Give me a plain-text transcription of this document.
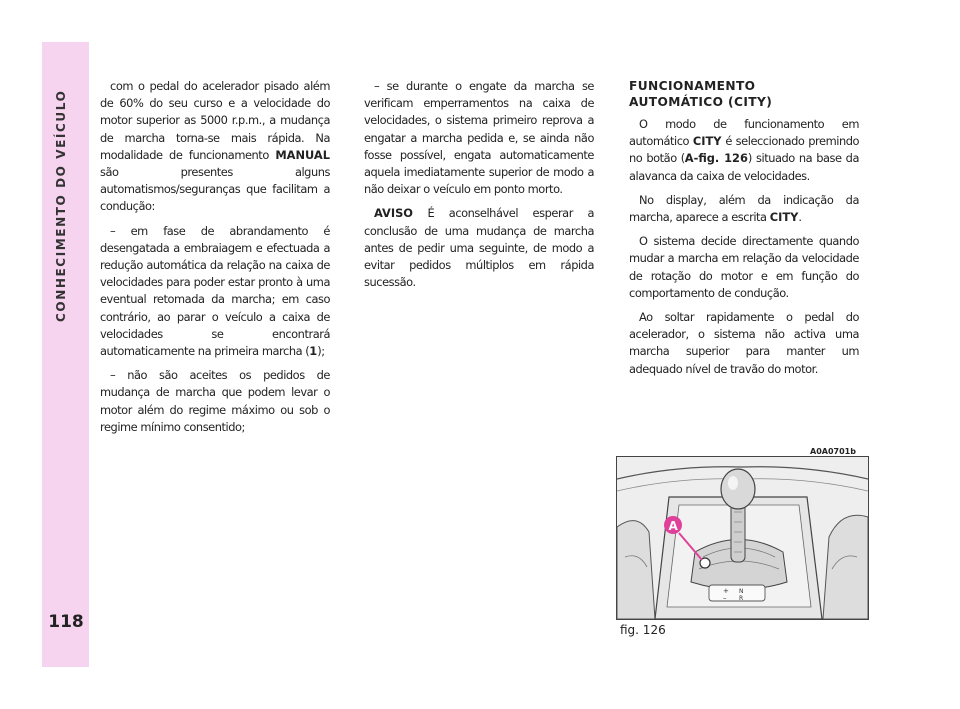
CONHECIMENTO DO VEÍCULO
118

com o pedal do acelerador pisado além de 60% do seu curso e a velocidade do motor superior as 5000 r.p.m., a mudança de marcha torna-se mais rápida. Na modalidade de funcionamento MANUAL são presentes alguns automatismos/seguranças que facilitam a condução:

– em fase de abrandamento é desengatada a embraiagem e efectuada a redução automática da relação na caixa de velocidades para poder estar pronto à uma eventual retomada da marcha; em caso contrário, ao parar o veículo a caixa de velocidades se encontrará automaticamente na primeira marcha (1);

– não são aceites os pedidos de mudança de marcha que podem levar o motor além do regime máximo ou sob o regime mínimo consentido;

– se durante o engate da marcha se verificam emperramentos na caixa de velocidades, o sistema primeiro reprova a engatar a marcha pedida e, se ainda não fosse possível, engata automaticamente aquela imediatamente superior de modo a não deixar o veículo em ponto morto.

AVISO É aconselhável esperar a conclusão de uma mudança de marcha antes de pedir uma seguinte, de modo a evitar pedidos múltiplos em rápida sucessão.

FUNCIONAMENTO
AUTOMÁTICO (CITY)

O modo de funcionamento em automático CITY é seleccionado premindo no botão (A-fig. 126) situado na base da alavanca da caixa de velocidades.

No display, além da indicação da marcha, aparece a escrita CITY.

O sistema decide directamente quando mudar a marcha em relação da velocidade de rotação do motor e em função do comportamento de condução.

Ao soltar rapidamente o pedal do acelerador, o sistema não activa uma marcha superior para manter um adequado nível de travão do motor.

A0A0701b
+ N
– R
A
fig. 126
